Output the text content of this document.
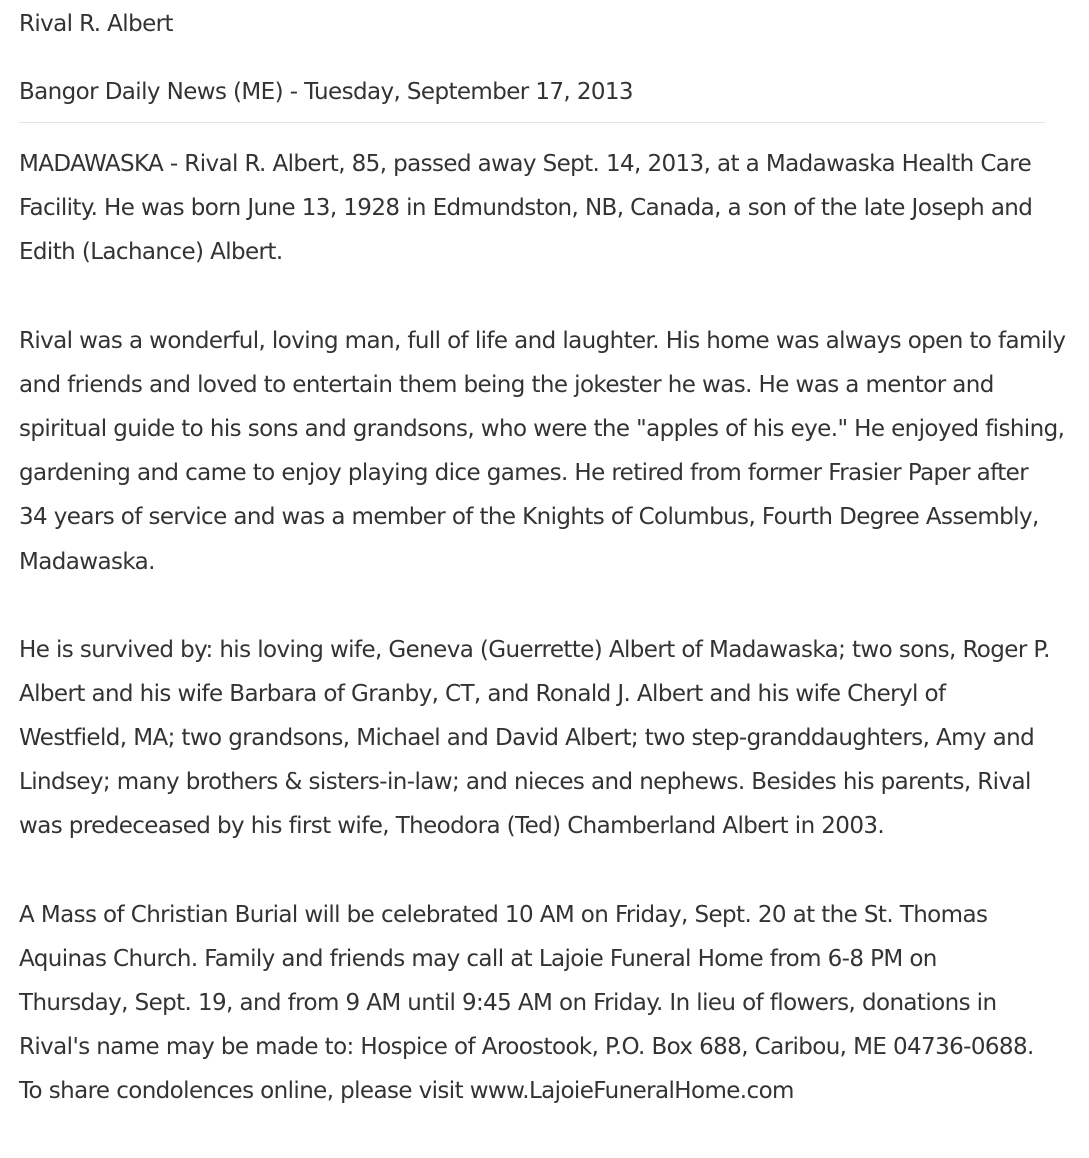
Rival R. Albert
Bangor Daily News (ME) - Tuesday, September 17, 2013
MADAWASKA - Rival R. Albert, 85, passed away Sept. 14, 2013, at a Madawaska Health Care
Facility. He was born June 13, 1928 in Edmundston, NB, Canada, a son of the late Joseph and
Edith (Lachance) Albert.
Rival was a wonderful, loving man, full of life and laughter. His home was always open to family
and friends and loved to entertain them being the jokester he was. He was a mentor and
spiritual guide to his sons and grandsons, who were the "apples of his eye." He enjoyed fishing,
gardening and came to enjoy playing dice games. He retired from former Frasier Paper after
34 years of service and was a member of the Knights of Columbus, Fourth Degree Assembly,
Madawaska.
He is survived by: his loving wife, Geneva (Guerrette) Albert of Madawaska; two sons, Roger P.
Albert and his wife Barbara of Granby, CT, and Ronald J. Albert and his wife Cheryl of
Westfield, MA; two grandsons, Michael and David Albert; two step-granddaughters, Amy and
Lindsey; many brothers & sisters-in-law; and nieces and nephews. Besides his parents, Rival
was predeceased by his first wife, Theodora (Ted) Chamberland Albert in 2003.
A Mass of Christian Burial will be celebrated 10 AM on Friday, Sept. 20 at the St. Thomas
Aquinas Church. Family and friends may call at Lajoie Funeral Home from 6-8 PM on
Thursday, Sept. 19, and from 9 AM until 9:45 AM on Friday. In lieu of flowers, donations in
Rival's name may be made to: Hospice of Aroostook, P.O. Box 688, Caribou, ME 04736-0688.
To share condolences online, please visit www.LajoieFuneralHome.com
